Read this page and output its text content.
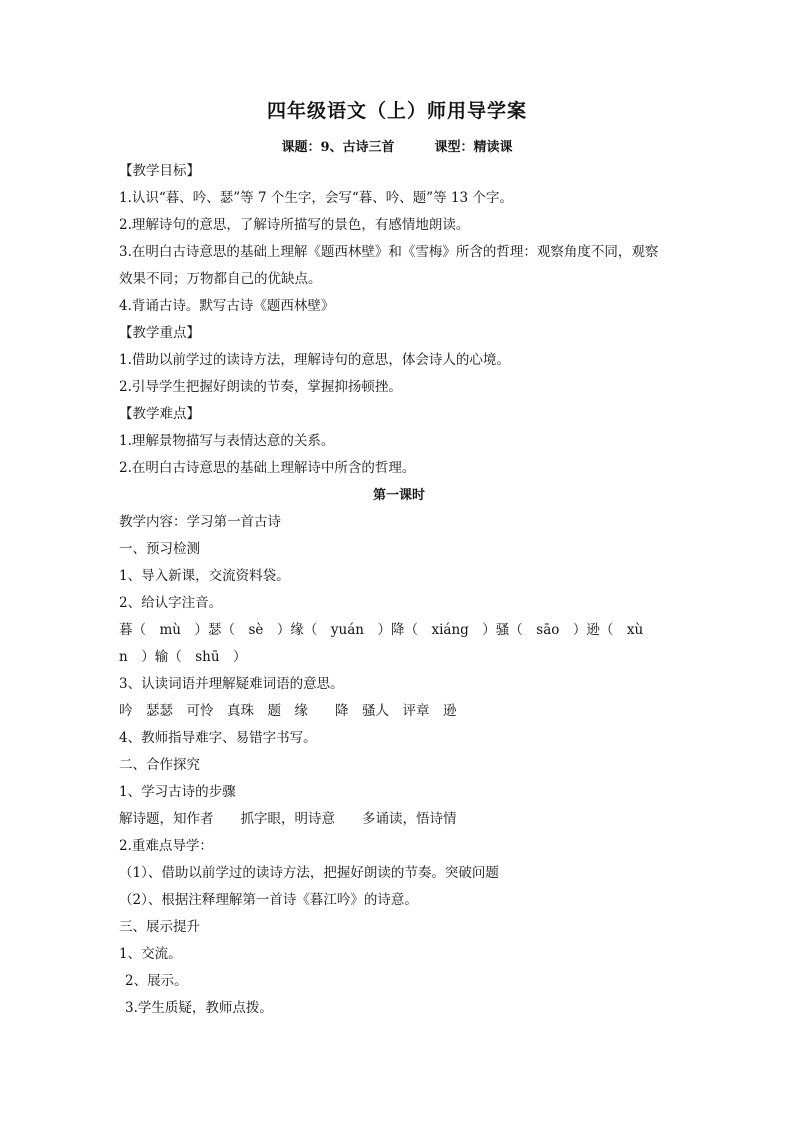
四年级语文（上）师用导学案
课题：9、古诗三首	课型：精读课
【教学目标】
1.认识“暮、吟、瑟”等 7 个生字，会写“暮、吟、题”等 13 个字。
2.理解诗句的意思，了解诗所描写的景色，有感情地朗读。
3.在明白古诗意思的基础上理解《题西林壁》和《雪梅》所含的哲理：观察角度不同，观察
效果不同；万物都自己的优缺点。
4.背诵古诗。默写古诗《题西林壁》
【教学重点】
1.借助以前学过的读诗方法，理解诗句的意思，体会诗人的心境。
2.引导学生把握好朗读的节奏，掌握抑扬顿挫。
【教学难点】
1.理解景物描写与表情达意的关系。
2.在明白古诗意思的基础上理解诗中所含的哲理。
第一课时
教学内容：学习第一首古诗
一、预习检测
1、导入新课，交流资料袋。
2、给认字注音。
暮（　mù　）瑟（　sè　）缘（　yuán　）降（　xiáng　）骚（　sāo　）逊（　xù
n　）输（　shū　）
3、认读词语并理解疑难词语的意思。
吟　瑟瑟　可怜　真珠　题　缘　　降　骚人　评章　逊
4、教师指导难字、易错字书写。
二、合作探究
1、学习古诗的步骤
解诗题，知作者　　抓字眼，明诗意　　多诵读，悟诗情
2.重难点导学：
（1）、借助以前学过的读诗方法，把握好朗读的节奏。突破问题
（2）、根据注释理解第一首诗《暮江吟》的诗意。
三、展示提升
1、交流。
2、展示。
3.学生质疑，教师点拨。
